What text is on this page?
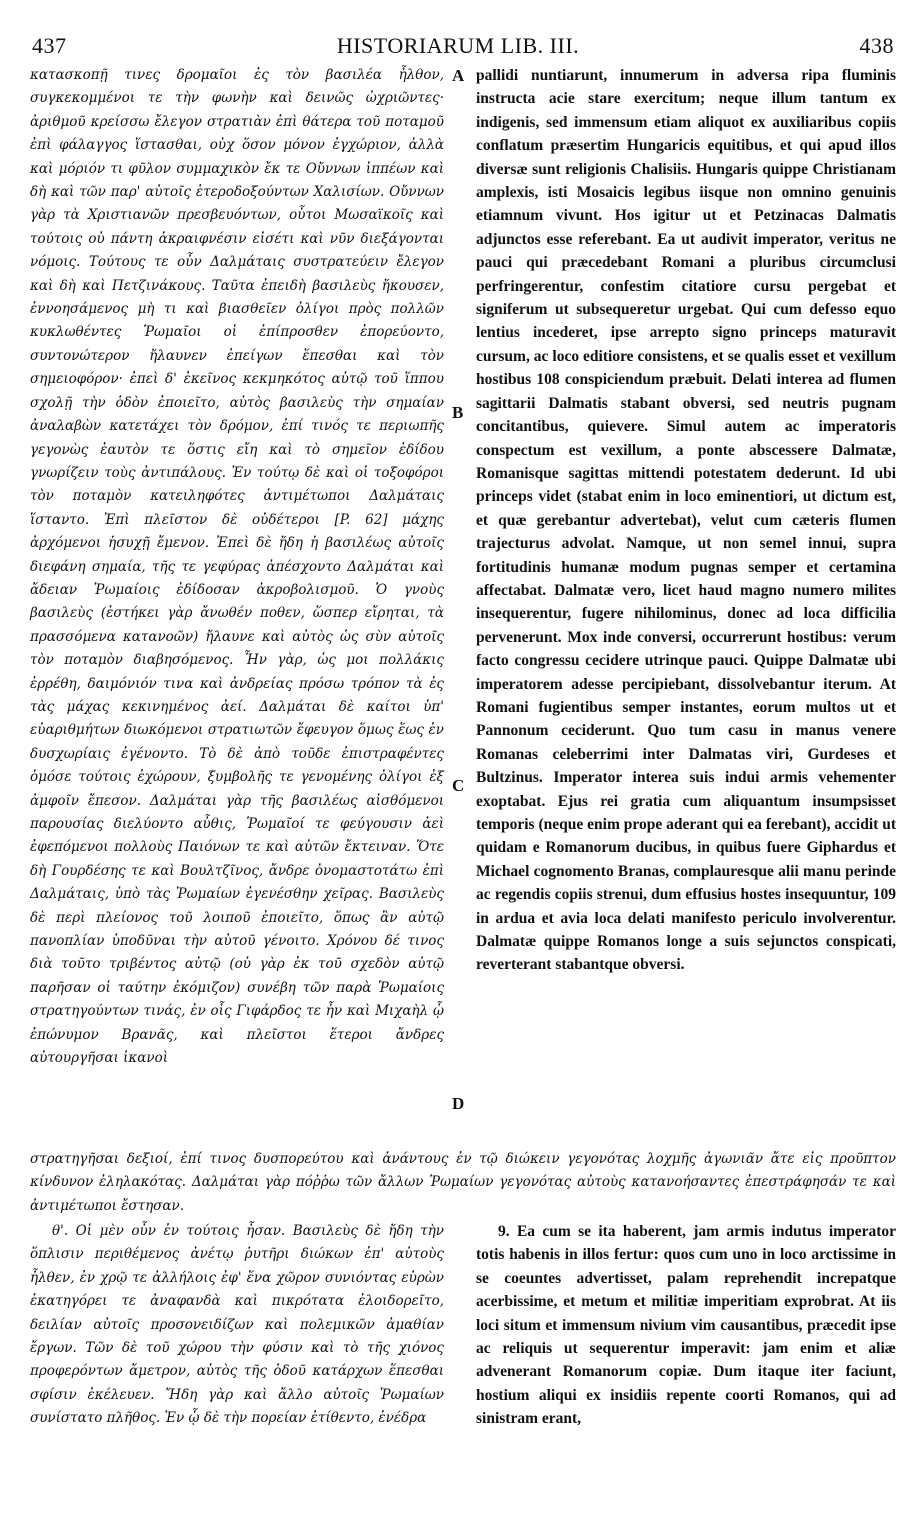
437	HISTORIARUM LIB. III.	438
A
B
C
D

κατασκοπῇ τινες δρομαῖοι ἐς τὸν βασιλέα ἦλθον, συγκεκομμένοι τε τὴν φωνὴν καὶ δεινῶς ὠχριῶντες· ἀριθμοῦ κρείσσω ἔλεγον στρατιὰν ἐπὶ θάτερα τοῦ ποταμοῦ ἐπὶ φάλαγγος ἵστασθαι, οὐχ ὅσον μόνον ἐγχώριον, ἀλλὰ καὶ μόριόν τι φῦλον συμμαχικὸν ἔκ τε Οὔννων ἱππέων καὶ δὴ καὶ τῶν παρ' αὐτοῖς ἑτεροδοξούντων Χαλισίων. Οὔννων γὰρ τὰ Χριστιανῶν πρεσβευόντων, οὗτοι Μωσαϊκοῖς καὶ τούτοις οὐ πάντη ἀκραιφνέσιν εἰσέτι καὶ νῦν διεξάγονται νόμοις. Τούτους τε οὖν Δαλμάταις συστρατεύειν ἔλεγον καὶ δὴ καὶ Πετζινάκους. Ταῦτα ἐπειδὴ βασιλεὺς ἤκουσεν, ἐννοησάμενος μὴ τι καὶ βιασθεῖεν ὀλίγοι πρὸς πολλῶν κυκλωθέντες Ῥωμαῖοι οἱ ἐπίπροσθεν ἐπορεύοντο, συντονώτερον ἤλαυνεν ἐπείγων ἕπεσθαι καὶ τὸν σημειοφόρον· ἐπεὶ δ' ἐκεῖνος κεκμηκότος αὐτῷ τοῦ ἵππου σχολῇ τὴν ὁδὸν ἐποιεῖτο, αὐτὸς βασιλεὺς τὴν σημαίαν ἀναλαβὼν κατετάχει τὸν δρόμον, ἐπί τινός τε περιωπῆς γεγονὼς ἑαυτὸν τε ὅστις εἴη καὶ τὸ σημεῖον ἐδίδου γνωρίζειν τοὺς ἀντιπάλους. Ἐν τούτῳ δὲ καὶ οἱ τοξοφόροι τὸν ποταμὸν κατειληφότες ἀντιμέτωποι Δαλμάταις ἵσταντο. Ἐπὶ πλεῖστον δὲ οὐδέτεροι [P. 62] μάχης ἀρχόμενοι ἡσυχῇ ἔμενον. Ἐπεὶ δὲ ἤδη ἡ βασιλέως αὐτοῖς διεφάνη σημαία, τῆς τε γεφύρας ἀπέσχοντο Δαλμάται καὶ ἄδειαν Ῥωμαίοις ἐδίδοσαν ἀκροβολισμοῦ. Ὁ γνοὺς βασιλεὺς (ἑστήκει γὰρ ἄνωθέν ποθεν, ὥσπερ εἴρηται, τὰ πρασσόμενα κατανοῶν) ἤλαυνε καὶ αὐτὸς ὡς σὺν αὐτοῖς τὸν ποταμὸν διαβησόμενος. Ἦν γὰρ, ὡς μοι πολλάκις ἐρρέθη, δαιμόνιόν τινα καὶ ἀνδρείας πρόσω τρόπον τὰ ἐς τὰς μάχας κεκινημένος ἀεί. Δαλμάται δὲ καίτοι ὑπ' εὐαριθμήτων διωκόμενοι στρατιωτῶν ἔφευγον ὅμως ἕως ἐν δυσχωρίαις ἐγένοντο. Τὸ δὲ ἀπὸ τοῦδε ἐπιστραφέντες ὁμόσε τούτοις ἐχώρουν, ξυμβολῆς τε γενομένης ὀλίγοι ἐξ ἀμφοῖν ἔπεσον. Δαλμάται γὰρ τῆς βασιλέως αἰσθόμενοι παρουσίας διελύοντο αὖθις, Ῥωμαῖοί τε φεύγουσιν ἀεὶ ἐφεπόμενοι πολλοὺς Παιόνων τε καὶ αὐτῶν ἔκτειναν. Ὅτε δὴ Γουρδέσης τε καὶ Βουλτζῖνος, ἄνδρε ὀνομαστοτάτω ἐπὶ Δαλμάταις, ὑπὸ τὰς Ῥωμαίων ἐγενέσθην χεῖρας. Βασιλεὺς δὲ περὶ πλείονος τοῦ λοιποῦ ἐποιεῖτο, ὅπως ἂν αὐτῷ πανοπλίαν ὑποδῦναι τὴν αὐτοῦ γένοιτο. Χρόνου δέ τινος διὰ τοῦτο τριβέντος αὐτῷ (οὐ γὰρ ἐκ τοῦ σχεδὸν αὐτῷ παρῆσαν οἱ ταύτην ἐκόμιζον) συνέβη τῶν παρὰ Ῥωμαίοις στρατηγούντων τινάς, ἐν οἷς Γιφάρδος τε ἦν καὶ Μιχαὴλ ᾧ ἐπώνυμον Βρανᾶς, καὶ πλεῖστοι ἕτεροι ἄνδρες αὐτουργῆσαι ἱκανοὶ

pallidi nuntiarunt, innumerum in adversa ripa fluminis instructa acie stare exercitum; neque illum tantum ex indigenis, sed immensum etiam aliquot ex auxiliaribus copiis conflatum præsertim Hungaricis equitibus, et qui apud illos diversæ sunt religionis Chalisiis. Hungaris quippe Christianam amplexis, isti Mosaicis legibus iisque non omnino genuinis etiamnum vivunt. Hos igitur ut et Petzinacas Dalmatis adjunctos esse referebant. Ea ut audivit imperator, veritus ne pauci qui præcedebant Romani a pluribus circumclusi perfringerentur, confestim citatiore cursu pergebat et signiferum ut subsequeretur urgebat. Qui cum defesso equo lentius incederet, ipse arrepto signo princeps maturavit cursum, ac loco editiore consistens, et se qualis esset et vexillum hostibus 108 conspiciendum præbuit. Delati interea ad flumen sagittarii Dalmatis stabant obversi, sed neutris pugnam concitantibus, quievere. Simul autem ac imperatoris conspectum est vexillum, a ponte abscessere Dalmatæ, Romanisque sagittas mittendi potestatem dederunt. Id ubi princeps videt (stabat enim in loco eminentiori, ut dictum est, et quæ gerebantur advertebat), velut cum cæteris flumen trajecturus advolat. Namque, ut non semel innui, supra fortitudinis humanæ modum pugnas semper et certamina affectabat. Dalmatæ vero, licet haud magno numero milites insequerentur, fugere nihilominus, donec ad loca difficilia pervenerunt. Mox inde conversi, occurrerunt hostibus: verum facto congressu cecidere utrinque pauci. Quippe Dalmatæ ubi imperatorem adesse percipiebant, dissolvebantur iterum. At Romani fugientibus semper instantes, eorum multos ut et Pannonum ceciderunt. Quo tum casu in manus venere Romanas celeberrimi inter Dalmatas viri, Gurdeses et Bultzinus. Imperator interea suis indui armis vehementer exoptabat. Ejus rei gratia cum aliquantum insumpsisset temporis (neque enim prope aderant qui ea ferebant), accidit ut quidam e Romanorum ducibus, in quibus fuere Giphardus et Michael cognomento Branas, complauresque alii manu perinde ac regendis copiis strenui, dum effusius hostes insequuntur, 109 in ardua et avia loca delati manifesto periculo involverentur. Dalmatæ quippe Romanos longe a suis sejunctos conspicati, reverterant stabantque obversi.

στρατηγῆσαι δεξιοί, ἐπί τινος δυσπορεύτου καὶ ἀνάντους ἐν τῷ διώκειν γεγονότας λοχμῆς ἀγωνιᾶν ἄτε εἰς προῦπτον κίνδυνον ἐληλακότας. Δαλμάται γὰρ πόῤῥω τῶν ἄλλων Ῥωμαίων γεγονότας αὐτοὺς κατανοήσαντες ἐπεστράφησάν τε καὶ ἀντιμέτωποι ἔστησαν.

θ'. Οἱ μὲν οὖν ἐν τούτοις ἦσαν. Βασιλεὺς δὲ ἤδη τὴν ὅπλισιν περιθέμενος ἀνέτῳ ῥυτῆρι διώκων ἐπ' αὐτοὺς ἦλθεν, ἐν χρῷ τε ἀλλήλοις ἐφ' ἕνα χῶρον συνιόντας εὑρὼν ἐκατηγόρει τε ἀναφανδὰ καὶ πικρότατα ἐλοιδορεῖτο, δειλίαν αὐτοῖς προσονειδίζων καὶ πολεμικῶν ἀμαθίαν ἔργων. Τῶν δὲ τοῦ χώρου τὴν φύσιν καὶ τὸ τῆς χιόνος προφερόντων ἄμετρον, αὐτὸς τῆς ὁδοῦ κατάρχων ἕπεσθαι σφίσιν ἐκέλευεν. Ἤδη γὰρ καὶ ἄλλο αὐτοῖς Ῥωμαίων συνίστατο πλῆθος. Ἐν ᾧ δὲ τὴν πορείαν ἐτίθεντο, ἐνέδρα

9. Ea cum se ita haberent, jam armis indutus imperator totis habenis in illos fertur: quos cum uno in loco arctissime in se coeuntes advertisset, palam reprehendit increpatque acerbissime, et metum et militiæ imperitiam exprobrat. At iis loci situm et immensum nivium vim causantibus, præcedit ipse ac reliquis ut sequerentur imperavit: jam enim et aliæ advenerant Romanorum copiæ. Dum itaque iter faciunt, hostium aliqui ex insidiis repente coorti Romanos, qui ad sinistram erant,
